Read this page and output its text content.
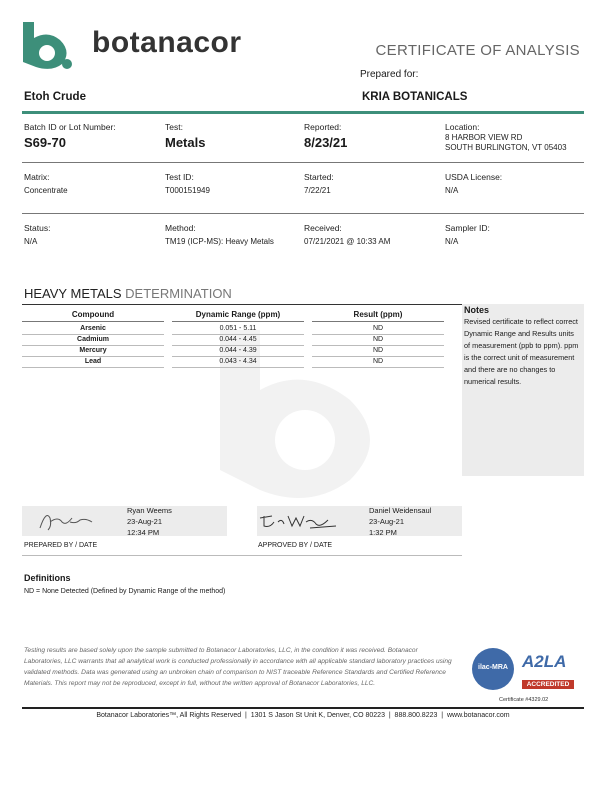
botanacor	CERTIFICATE OF ANALYSIS
Prepared for:
Etoh Crude	KRIA BOTANICALS
Batch ID or Lot Number:
S69-70
Test:
Metals
Reported:
8/23/21
Location:
8 HARBOR VIEW RD
SOUTH BURLINGTON, VT 05403
Matrix:
Concentrate
Test ID:
T000151949
Started:
7/22/21
USDA License:
N/A
Status:
N/A
Method:
TM19 (ICP-MS): Heavy Metals
Received:
07/21/2021 @ 10:33 AM
Sampler ID:
N/A
HEAVY METALS DETERMINATION
Compound	Dynamic Range (ppm)	Result (ppm)
Arsenic	0.051 - 5.11	ND
Cadmium	0.044 - 4.45	ND
Mercury	0.044 - 4.39	ND
Lead	0.043 - 4.34	ND
Notes
Revised certificate to reflect correct Dynamic Range and Results units of measurement (ppb to ppm). ppm is the correct unit of measurement and there are no changes to numerical results.
Ryan Weems
23-Aug-21
12:34 PM
PREPARED BY / DATE
Daniel Weidensaul
23-Aug-21
1:32 PM
APPROVED BY / DATE
Definitions
ND = None Detected (Defined by Dynamic Range of the method)
Testing results are based solely upon the sample submitted to Botanacor Laboratories, LLC, in the condition it was received. Botanacor Laboratories, LLC warrants that all analytical work is conducted professionally in accordance with all applicable standard laboratory practices using validated methods. Data was generated using an unbroken chain of comparison to NIST traceable Reference Standards and Certified Reference Materials. This report may not be reproduced, except in full, without the written approval of Botanacor Laboratories, LLC.
ilac-MRA A2LA
ACCREDITED
Certificate #4329.02
Botanacor Laboratories™, All Rights Reserved  |  1301 S Jason St Unit K, Denver, CO 80223  |  888.800.8223  |  www.botanacor.com
